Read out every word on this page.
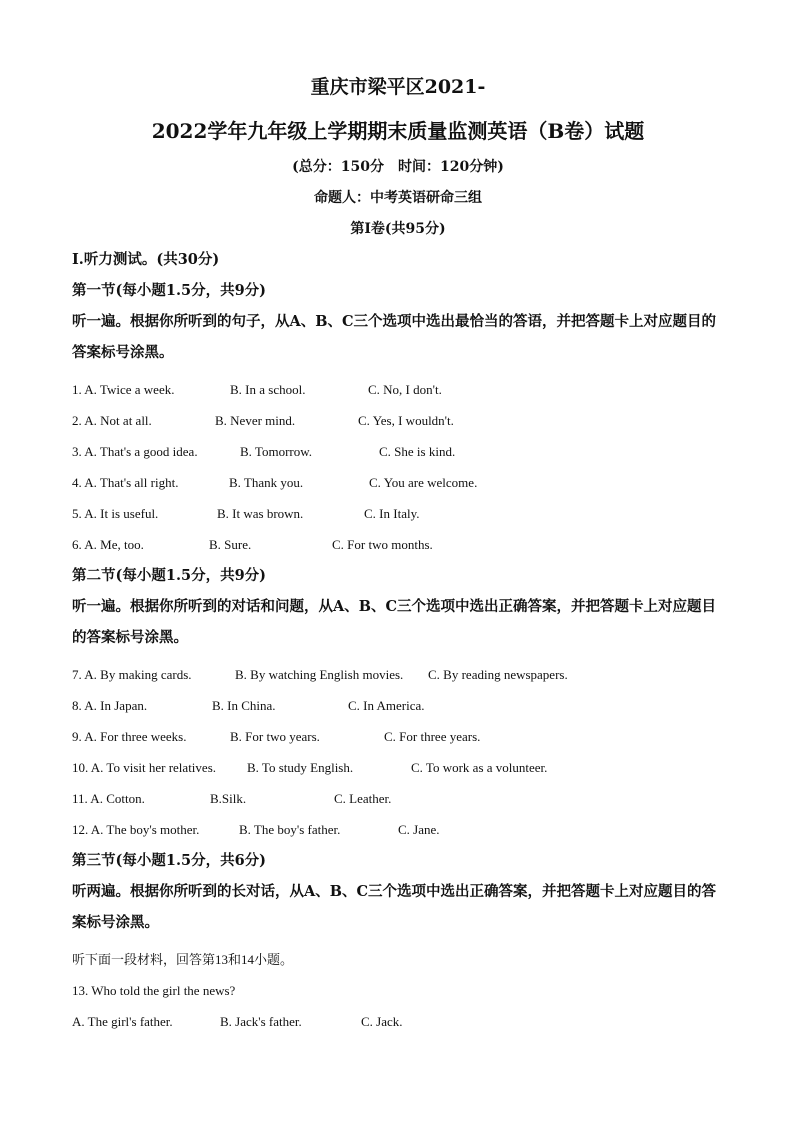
重庆市梁平区2021-
2022学年九年级上学期期末质量监测英语（B卷）试题
(总分：150分　时间：120分钟)
命题人：中考英语研命三组
第I卷(共95分)
I.听力测试。(共30分)
第一节(每小题1.5分，共9分)
听一遍。根据你所听到的句子，从A、B、C三个选项中选出最恰当的答语，并把答题卡上对应题目的答案标号涂黑。
1. A. Twice a week.	B. In a school.	C. No, I don't.
2. A. Not at all.	B. Never mind.	C. Yes, I wouldn't.
3. A. That's a good idea.	B. Tomorrow.	C. She is kind.
4. A. That's all right.	B. Thank you.	C. You are welcome.
5. A. It is useful.	B. It was brown.	C. In Italy.
6. A. Me, too.	B. Sure.	C. For two months.
第二节(每小题1.5分，共9分)
听一遍。根据你所听到的对话和问题，从A、B、C三个选项中选出正确答案，并把答题卡上对应题目的答案标号涂黑。
7. A. By making cards.	B. By watching English movies. C. By reading newspapers.
8. A. In Japan.	B. In China.	C. In America.
9. A. For three weeks.	B. For two years.	C. For three years.
10. A. To visit her relatives. B. To study English.	C. To work as a volunteer.
11. A. Cotton.	B.Silk.	C. Leather.
12. A. The boy's mother.	B. The boy's father.	C. Jane.
第三节(每小题1.5分，共6分)
听两遍。根据你所听到的长对话，从A、B、C三个选项中选出正确答案，并把答题卡上对应题目的答案标号涂黑。
听下面一段材料，回答第13和14小题。
13. Who told the girl the news?
A. The girl's father.	B. Jack's father.	C. Jack.
